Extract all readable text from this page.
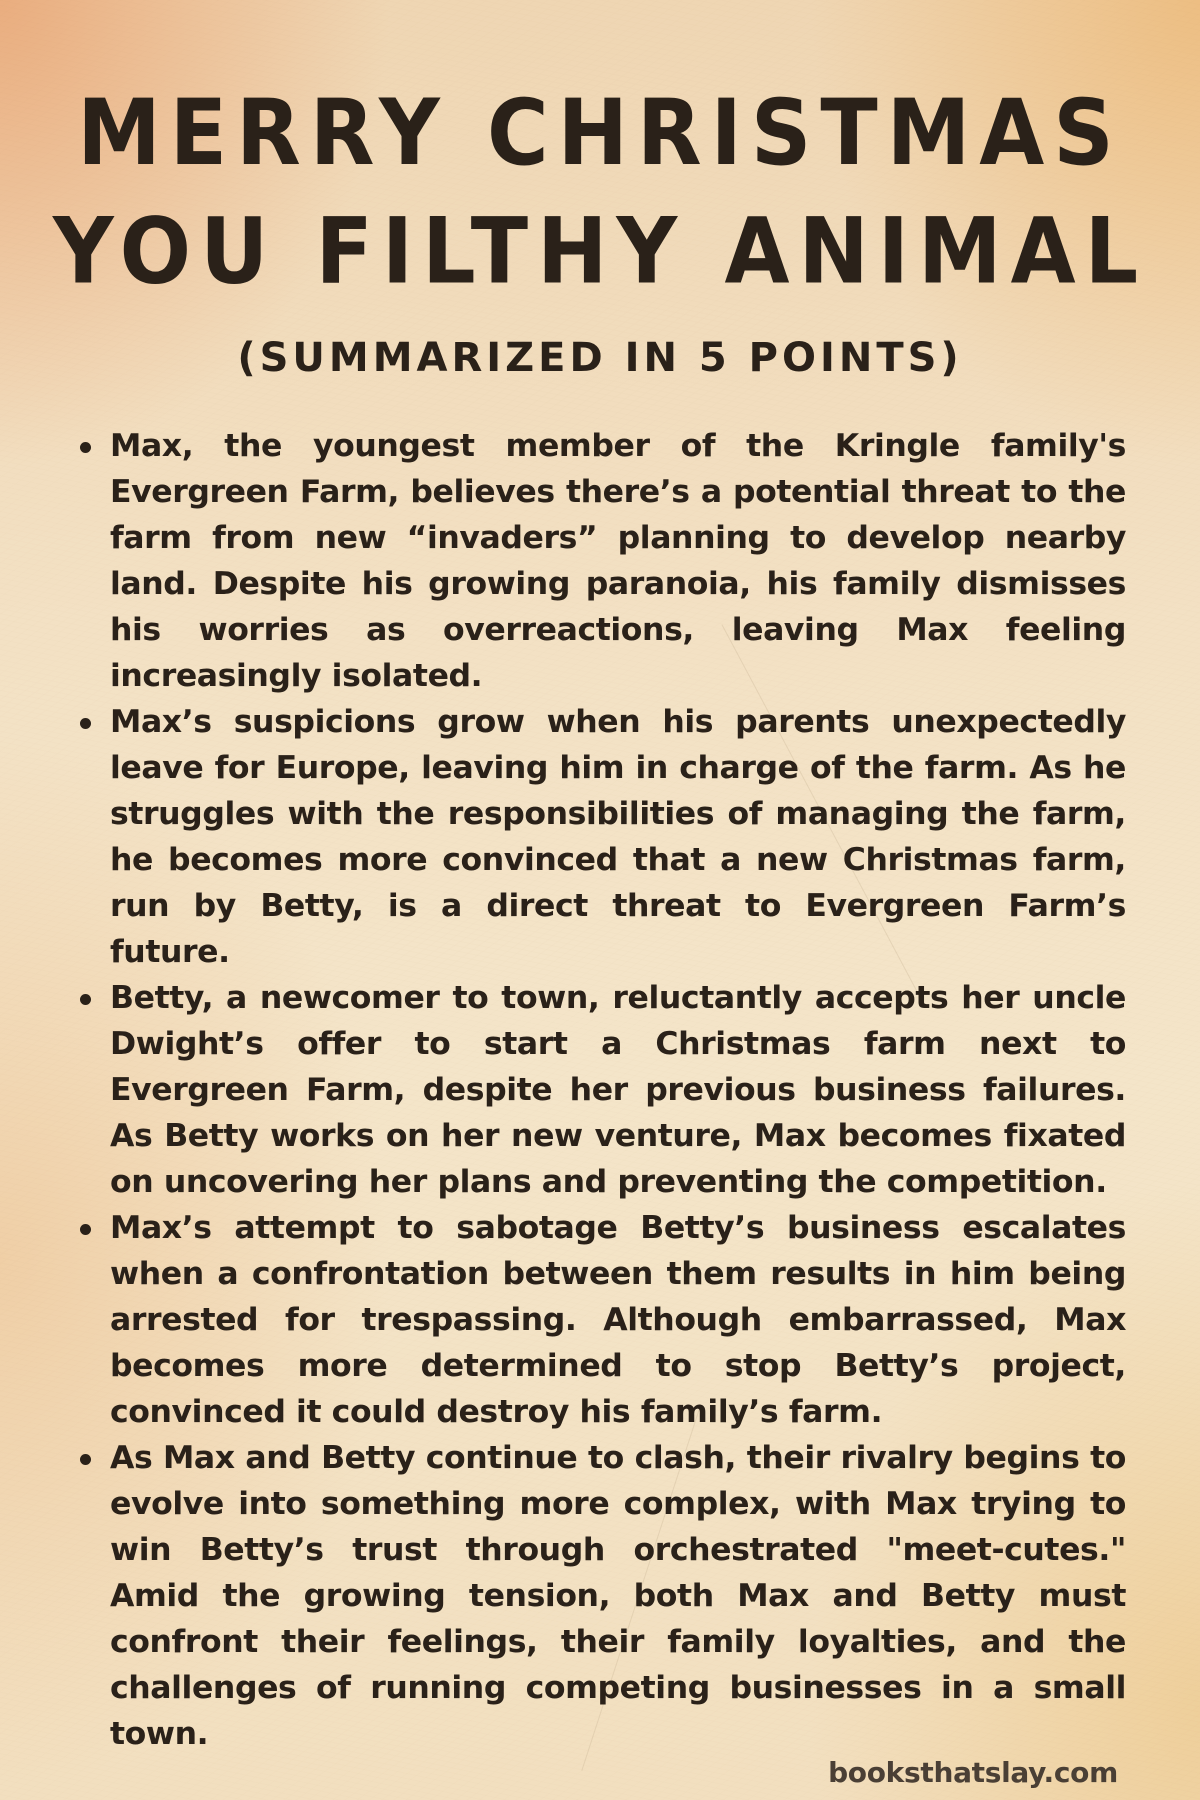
MERRY CHRISTMAS
YOU FILTHY ANIMAL
(SUMMARIZED IN 5 POINTS)
Max, the youngest member of the Kringle family's Evergreen Farm, believes there’s a potential threat to the farm from new “invaders” planning to develop nearby land. Despite his growing paranoia, his family dismisses his worries as overreactions, leaving Max feeling increasingly isolated.
Max’s suspicions grow when his parents unexpectedly leave for Europe, leaving him in charge of the farm. As he struggles with the responsibilities of managing the farm, he becomes more convinced that a new Christmas farm, run by Betty, is a direct threat to Evergreen Farm’s future.
Betty, a newcomer to town, reluctantly accepts her uncle Dwight’s offer to start a Christmas farm next to Evergreen Farm, despite her previous business failures. As Betty works on her new venture, Max becomes fixated on uncovering her plans and preventing the competition.
Max’s attempt to sabotage Betty’s business escalates when a confrontation between them results in him being arrested for trespassing. Although embarrassed, Max becomes more determined to stop Betty’s project, convinced it could destroy his family’s farm.
As Max and Betty continue to clash, their rivalry begins to evolve into something more complex, with Max trying to win Betty’s trust through orchestrated "meet-cutes." Amid the growing tension, both Max and Betty must confront their feelings, their family loyalties, and the challenges of running competing businesses in a small town.
booksthatslay.com
